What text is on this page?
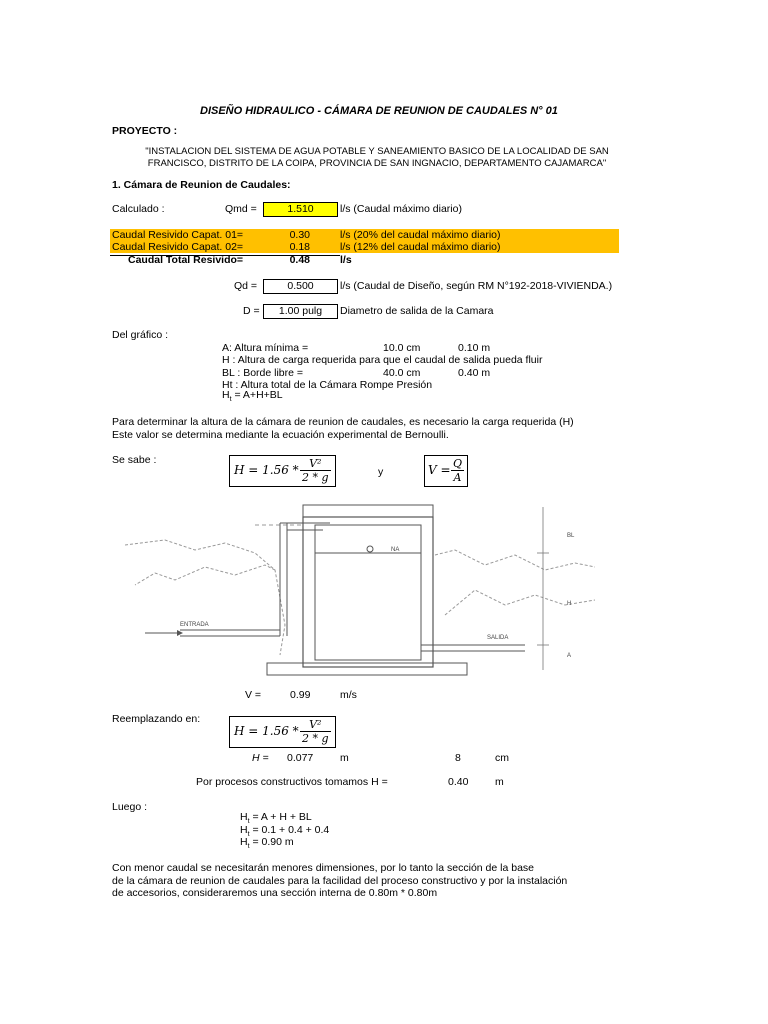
DISEÑO HIDRAULICO - CÁMARA DE REUNION DE CAUDALES N° 01
PROYECTO :
"INSTALACION DEL SISTEMA DE AGUA POTABLE Y SANEAMIENTO BASICO DE LA LOCALIDAD DE SAN
FRANCISCO, DISTRITO DE LA COIPA, PROVINCIA DE SAN INGNACIO, DEPARTAMENTO CAJAMARCA"
1. Cámara de Reunion de Caudales:
Calculado :	Qmd =	1.510	l/s (Caudal máximo diario)
Caudal Resivido Capat. 01=	0.30	l/s (20% del caudal máximo diario)
Caudal Resivido Capat. 02=	0.18	l/s (12% del caudal máximo diario)
Caudal Total Resivido=	0.48	l/s
Qd =	0.500	l/s (Caudal de Diseño, según RM N°192-2018-VIVIENDA.)
D =	1.00 pulg	Diametro de salida de la Camara
Del gráfico :
A: Altura mínima =	10.0 cm	0.10 m
H : Altura de carga requerida para que el caudal de salida pueda fluir
BL : Borde libre =	40.0 cm	0.40 m
Ht : Altura total de la Cámara Rompe Presión
$H_t = A+H+BL$
Para determinar la altura de la cámara de reunion de caudales, es necesario la carga requerida (H)
Este valor se determina mediante la ecuación experimental de Bernoulli.
Se sabe :
$H = 1.56 * \frac{\text{V²}}{2 * g}$	y	$V = \frac{Q}{A}$
NA
ENTRADA
SALIDA
BL
H
A
V =	0.99	m/s
Reemplazando en:
$H = 1.56 * \frac{\text{V²}}{2 * g}$
H = 0.077	m	8	cm
Por procesos constructivos tomamos H =	0.40	m
Luego :
$H_t = A + H$ + BL
$H_t = 0.1 + 0.4 + 0.4$
$H_t = 0.90$ m
Con menor caudal se necesitarán menores dimensiones, por lo tanto la sección de la base
de la cámara de reunion de caudales para la facilidad del proceso constructivo y por la instalación
de accesorios, consideraremos una sección interna de 0.80m * 0.80m
